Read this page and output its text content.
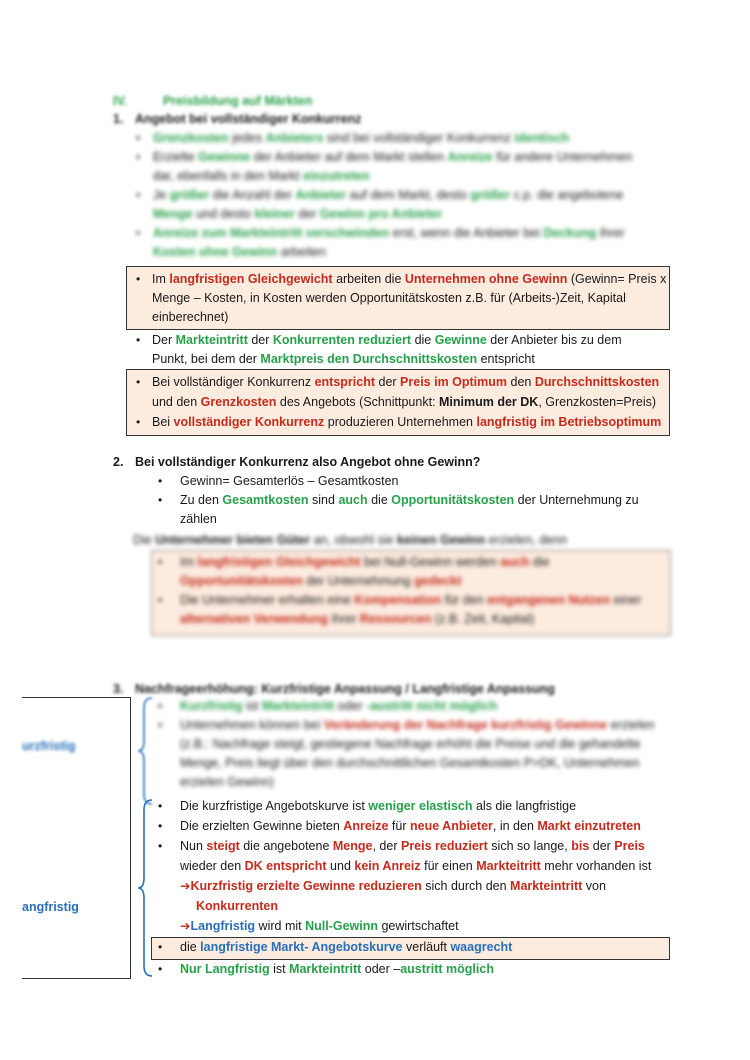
IV.	Preisbildung auf Märkten
1. Angebot bei vollständiger Konkurrenz
Grenzkosten jedes Anbieters sind bei vollständiger Konkurrenz identisch
•
Erzielte Gewinne der Anbieter auf dem Markt stellen Anreize für andere Unternehmen
•
dar, ebenfalls in den Markt einzutreten
Je größer die Anzahl der Anbieter auf dem Markt, desto größer c.p. die angebotene
•
Menge und desto kleiner der Gewinn pro Anbieter
Anreize zum Markteintritt verschwinden erst, wenn die Anbieter bei Deckung ihrer
•
Kosten ohne Gewinn arbeiten
Im langfristigen Gleichgewicht arbeiten die Unternehmen ohne Gewinn (Gewinn= Preis x
•
Menge – Kosten, in Kosten werden Opportunitätskosten z.B. für (Arbeits-)Zeit, Kapital
einberechnet)
Der Markteintritt der Konkurrenten reduziert die Gewinne der Anbieter bis zu dem
•
Punkt, bei dem der Marktpreis den Durchschnittskosten entspricht
Bei vollständiger Konkurrenz entspricht der Preis im Optimum den Durchschnittskosten
•
und den Grenzkosten des Angebots (Schnittpunkt: Minimum der DK, Grenzkosten=Preis)
Bei vollständiger Konkurrenz produzieren Unternehmen langfristig im Betriebsoptimum
•
2. Bei vollständiger Konkurrenz also Angebot ohne Gewinn?
Gewinn= Gesamterlös – Gesamtkosten
•
Zu den Gesamtkosten sind auch die Opportunitätskosten der Unternehmung zu
•
zählen
Die Unternehmer bieten Güter an, obwohl sie keinen Gewinn erzielen, denn
Im langfristigen Gleichgewicht bei Null-Gewinn werden auch die
•
Opportunitätskosten der Unternehmung gedeckt
Die Unternehmer erhalten eine Kompensation für den entgangenen Nutzen einer
•
alternativen Verwendung ihrer Ressourcen (z.B. Zeit, Kapital)
3. Nachfrageerhöhung: Kurzfristige Anpassung / Langfristige Anpassung
urzfristig
angfristig
Kurzfristig ist Markteintritt oder -austritt nicht möglich
•
Unternehmen können bei Veränderung der Nachfrage kurzfristig Gewinne erzielen
•
(z.B.: Nachfrage steigt, gestiegene Nachfrage erhöht die Preise und die gehandelte
Menge, Preis liegt über den durchschnittlichen Gesamtkosten P>DK, Unternehmen
erzielen Gewinn)
Die kurzfristige Angebotskurve ist weniger elastisch als die langfristige
•
Die erzielten Gewinne bieten Anreize für neue Anbieter, in den Markt einzutreten
•
Nun steigt die angebotene Menge, der Preis reduziert sich so lange, bis der Preis
•
wieder den DK entspricht und kein Anreiz für einen Markteitritt mehr vorhanden ist
➔Kurzfristig erzielte Gewinne reduzieren sich durch den Markteintritt von
Konkurrenten
➔Langfristig wird mit Null-Gewinn gewirtschaftet
die langfristige Markt- Angebotskurve verläuft waagrecht
•
Nur Langfristig ist Markteintritt oder –austritt möglich
•
